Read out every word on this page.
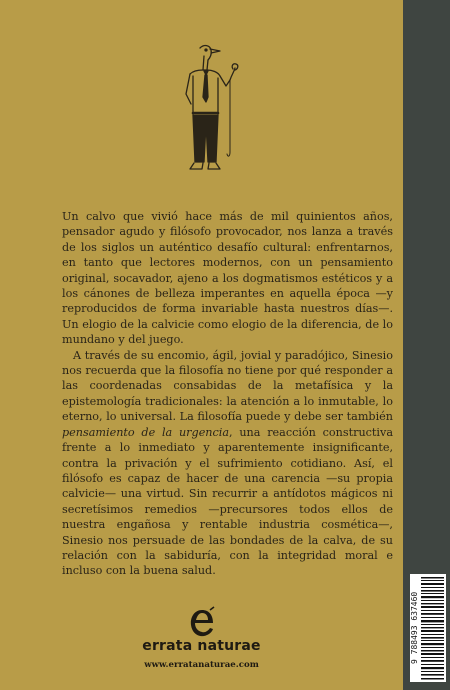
Un calvo que vivió hace más de mil quinientos años, pensador agudo y filósofo provocador, nos lanza a través de los siglos un auténtico desafío cultural: enfrentarnos, en tanto que lectores modernos, con un pensamiento original, socavador, ajeno a los dogmatismos estéticos y a los cánones de belleza imperantes en aquella época —y reproducidos de forma invariable hasta nuestros días—. Un elogio de la calvicie como elogio de la diferencia, de lo mundano y del juego.

A través de su encomio, ágil, jovial y paradójico, Sinesio nos recuerda que la filosofía no tiene por qué responder a las coordenadas consabidas de la metafísica y la epistemología tradicionales: la atención a lo inmutable, lo eterno, lo universal. La filosofía puede y debe ser también pensamiento de la urgencia, una reacción constructiva frente a lo inmediato y aparentemente insignificante, contra la privación y el sufrimiento cotidiano. Así, el filósofo es capaz de hacer de una carencia —su propia calvicie— una virtud. Sin recurrir a antídotos mágicos ni secretísimos remedios —precursores todos ellos de nuestra engañosa y rentable industria cosmética—, Sinesio nos persuade de las bondades de la calva, de su relación con la sabiduría, con la integridad moral e incluso con la buena salud.

errata naturae
www.erratanaturae.com
9 788493 637460
